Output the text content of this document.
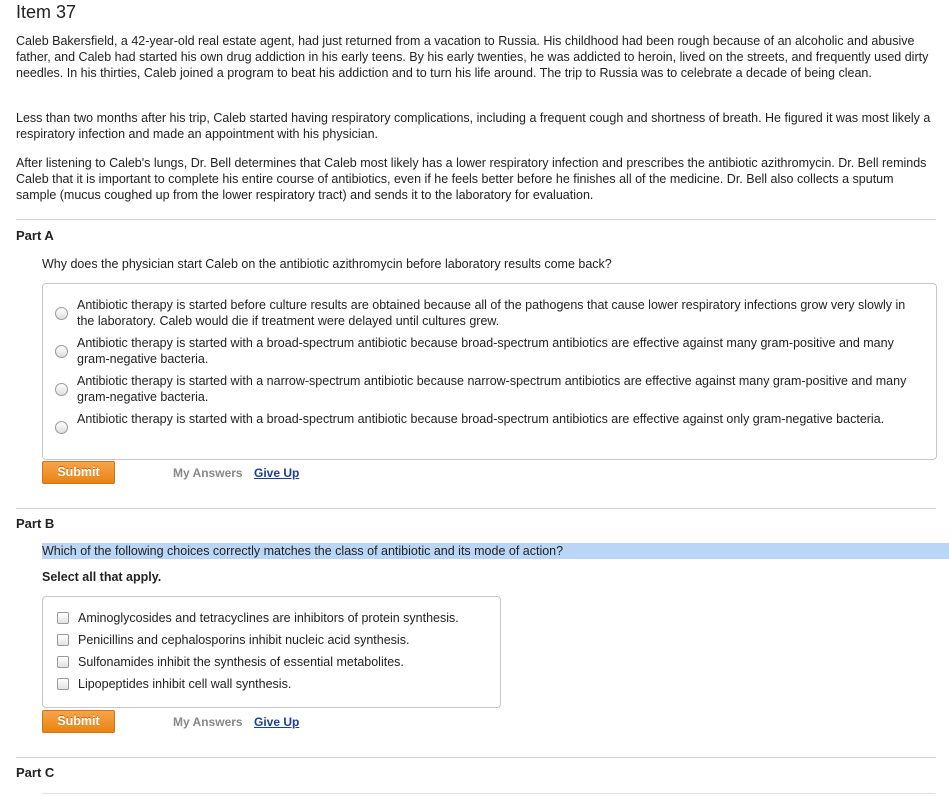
Item 37

Caleb Bakersfield, a 42-year-old real estate agent, had just returned from a vacation to Russia. His childhood had been rough because of an alcoholic and abusive father, and Caleb had started his own drug addiction in his early teens. By his early twenties, he was addicted to heroin, lived on the streets, and frequently used dirty needles. In his thirties, Caleb joined a program to beat his addiction and to turn his life around. The trip to Russia was to celebrate a decade of being clean.

Less than two months after his trip, Caleb started having respiratory complications, including a frequent cough and shortness of breath. He figured it was most likely a respiratory infection and made an appointment with his physician.

After listening to Caleb's lungs, Dr. Bell determines that Caleb most likely has a lower respiratory infection and prescribes the antibiotic azithromycin. Dr. Bell reminds Caleb that it is important to complete his entire course of antibiotics, even if he feels better before he finishes all of the medicine. Dr. Bell also collects a sputum sample (mucus coughed up from the lower respiratory tract) and sends it to the laboratory for evaluation.

Part A
Why does the physician start Caleb on the antibiotic azithromycin before laboratory results come back?
Antibiotic therapy is started before culture results are obtained because all of the pathogens that cause lower respiratory infections grow very slowly in the laboratory. Caleb would die if treatment were delayed until cultures grew.
Antibiotic therapy is started with a broad-spectrum antibiotic because broad-spectrum antibiotics are effective against many gram-positive and many gram-negative bacteria.
Antibiotic therapy is started with a narrow-spectrum antibiotic because narrow-spectrum antibiotics are effective against many gram-positive and many gram-negative bacteria.
Antibiotic therapy is started with a broad-spectrum antibiotic because broad-spectrum antibiotics are effective against only gram-negative bacteria.
Submit	My Answers Give Up
Part B
Which of the following choices correctly matches the class of antibiotic and its mode of action?
Select all that apply.
Aminoglycosides and tetracyclines are inhibitors of protein synthesis.
Penicillins and cephalosporins inhibit nucleic acid synthesis.
Sulfonamides inhibit the synthesis of essential metabolites.
Lipopeptides inhibit cell wall synthesis.
Submit	My Answers Give Up
Part C
